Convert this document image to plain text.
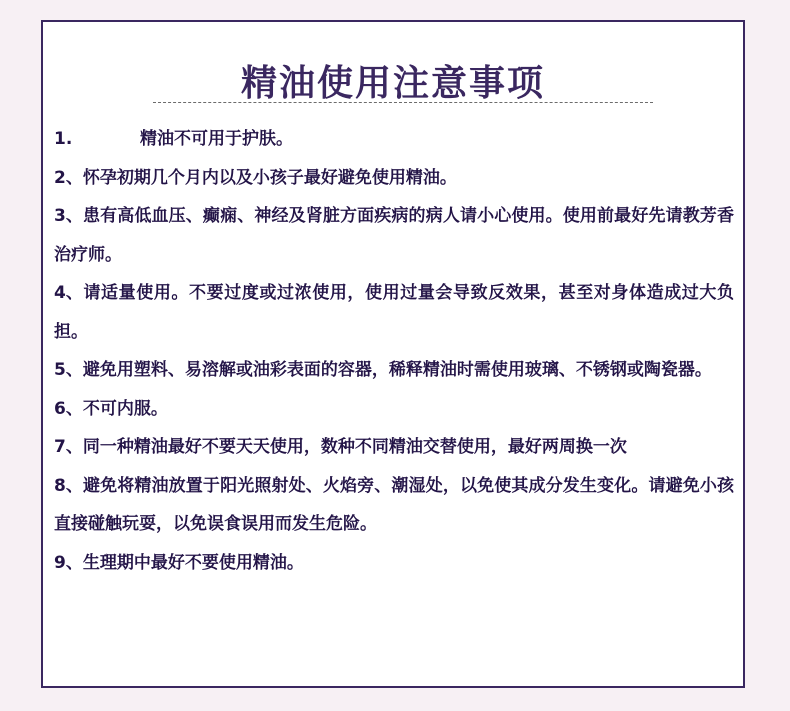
精油使用注意事项
1.	精油不可用于护肤。
2、怀孕初期几个月内以及小孩子最好避免使用精油。
3、患有高低血压、癫痫、神经及肾脏方面疾病的病人请小心使用。使用前最好先请教芳香治疗师。
4、请适量使用。不要过度或过浓使用，使用过量会导致反效果，甚至对身体造成过大负担。
5、避免用塑料、易溶解或油彩表面的容器，稀释精油时需使用玻璃、不锈钢或陶瓷器。
6、不可内服。
7、同一种精油最好不要天天使用，数种不同精油交替使用，最好两周换一次
8、避免将精油放置于阳光照射处、火焰旁、潮湿处，以免使其成分发生变化。请避免小孩直接碰触玩耍，以免误食误用而发生危险。
9、生理期中最好不要使用精油。
